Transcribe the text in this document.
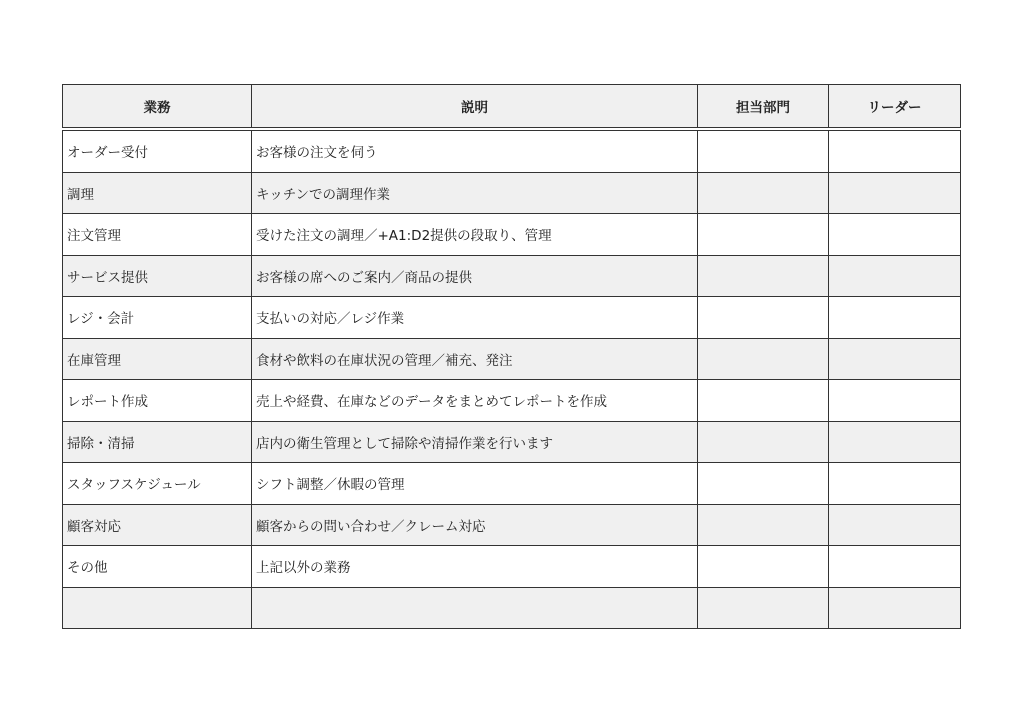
業務	説明	担当部門	リーダー
オーダー受付	お客様の注文を伺う		
調理	キッチンでの調理作業		
注文管理	受けた注文の調理／+A1:D2提供の段取り、管理		
サービス提供	お客様の席へのご案内／商品の提供		
レジ・会計	支払いの対応／レジ作業		
在庫管理	食材や飲料の在庫状況の管理／補充、発注		
レポート作成	売上や経費、在庫などのデータをまとめてレポートを作成		
掃除・清掃	店内の衛生管理として掃除や清掃作業を行います		
スタッフスケジュール	シフト調整／休暇の管理		
顧客対応	顧客からの問い合わせ／クレーム対応		
その他	上記以外の業務		
